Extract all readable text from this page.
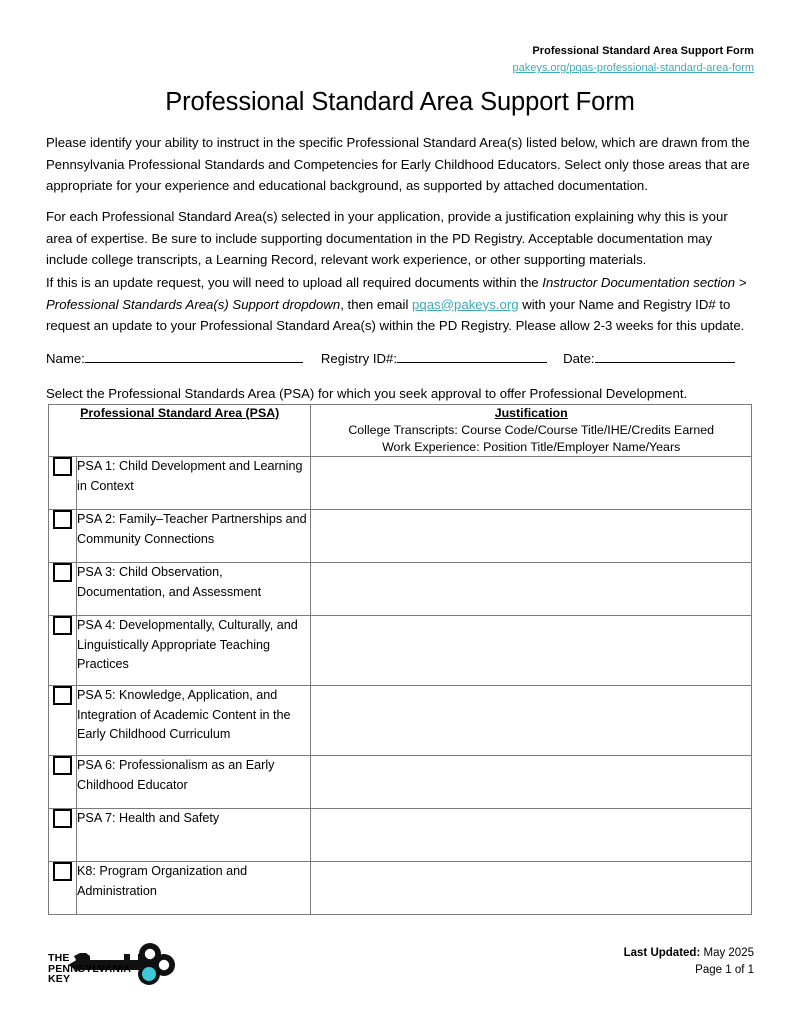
Professional Standard Area Support Form
pakeys.org/pqas-professional-standard-area-form
Professional Standard Area Support Form
Please identify your ability to instruct in the specific Professional Standard Area(s) listed below, which are drawn from the Pennsylvania Professional Standards and Competencies for Early Childhood Educators. Select only those areas that are appropriate for your experience and educational background, as supported by attached documentation.
For each Professional Standard Area(s) selected in your application, provide a justification explaining why this is your area of expertise. Be sure to include supporting documentation in the PD Registry. Acceptable documentation may include college transcripts, a Learning Record, relevant work experience, or other supporting materials.
If this is an update request, you will need to upload all required documents within the Instructor Documentation section > Professional Standards Area(s) Support dropdown, then email pqas@pakeys.org with your Name and Registry ID# to request an update to your Professional Standard Area(s) within the PD Registry. Please allow 2-3 weeks for this update.
Name:	Registry ID#:	Date:
Select the Professional Standards Area (PSA) for which you seek approval to offer Professional Development.
Professional Standard Area (PSA)		Justification
College Transcripts: Course Code/Course Title/IHE/Credits Earned
Work Experience: Position Title/Employer Name/Years

	PSA 1: Child Development and Learning in Context	
	PSA 2: Family–Teacher Partnerships and Community Connections	
	PSA 3: Child Observation, Documentation, and Assessment	
	PSA 4: Developmentally, Culturally, and Linguistically Appropriate Teaching Practices	
	PSA 5: Knowledge, Application, and Integration of Academic Content in the Early Childhood Curriculum	
	PSA 6: Professionalism as an Early Childhood Educator	
	PSA 7: Health and Safety	
	K8: Program Organization and Administration	
THE
PENNSYLVANIA
KEY
Last Updated: May 2025
Page 1 of 1
